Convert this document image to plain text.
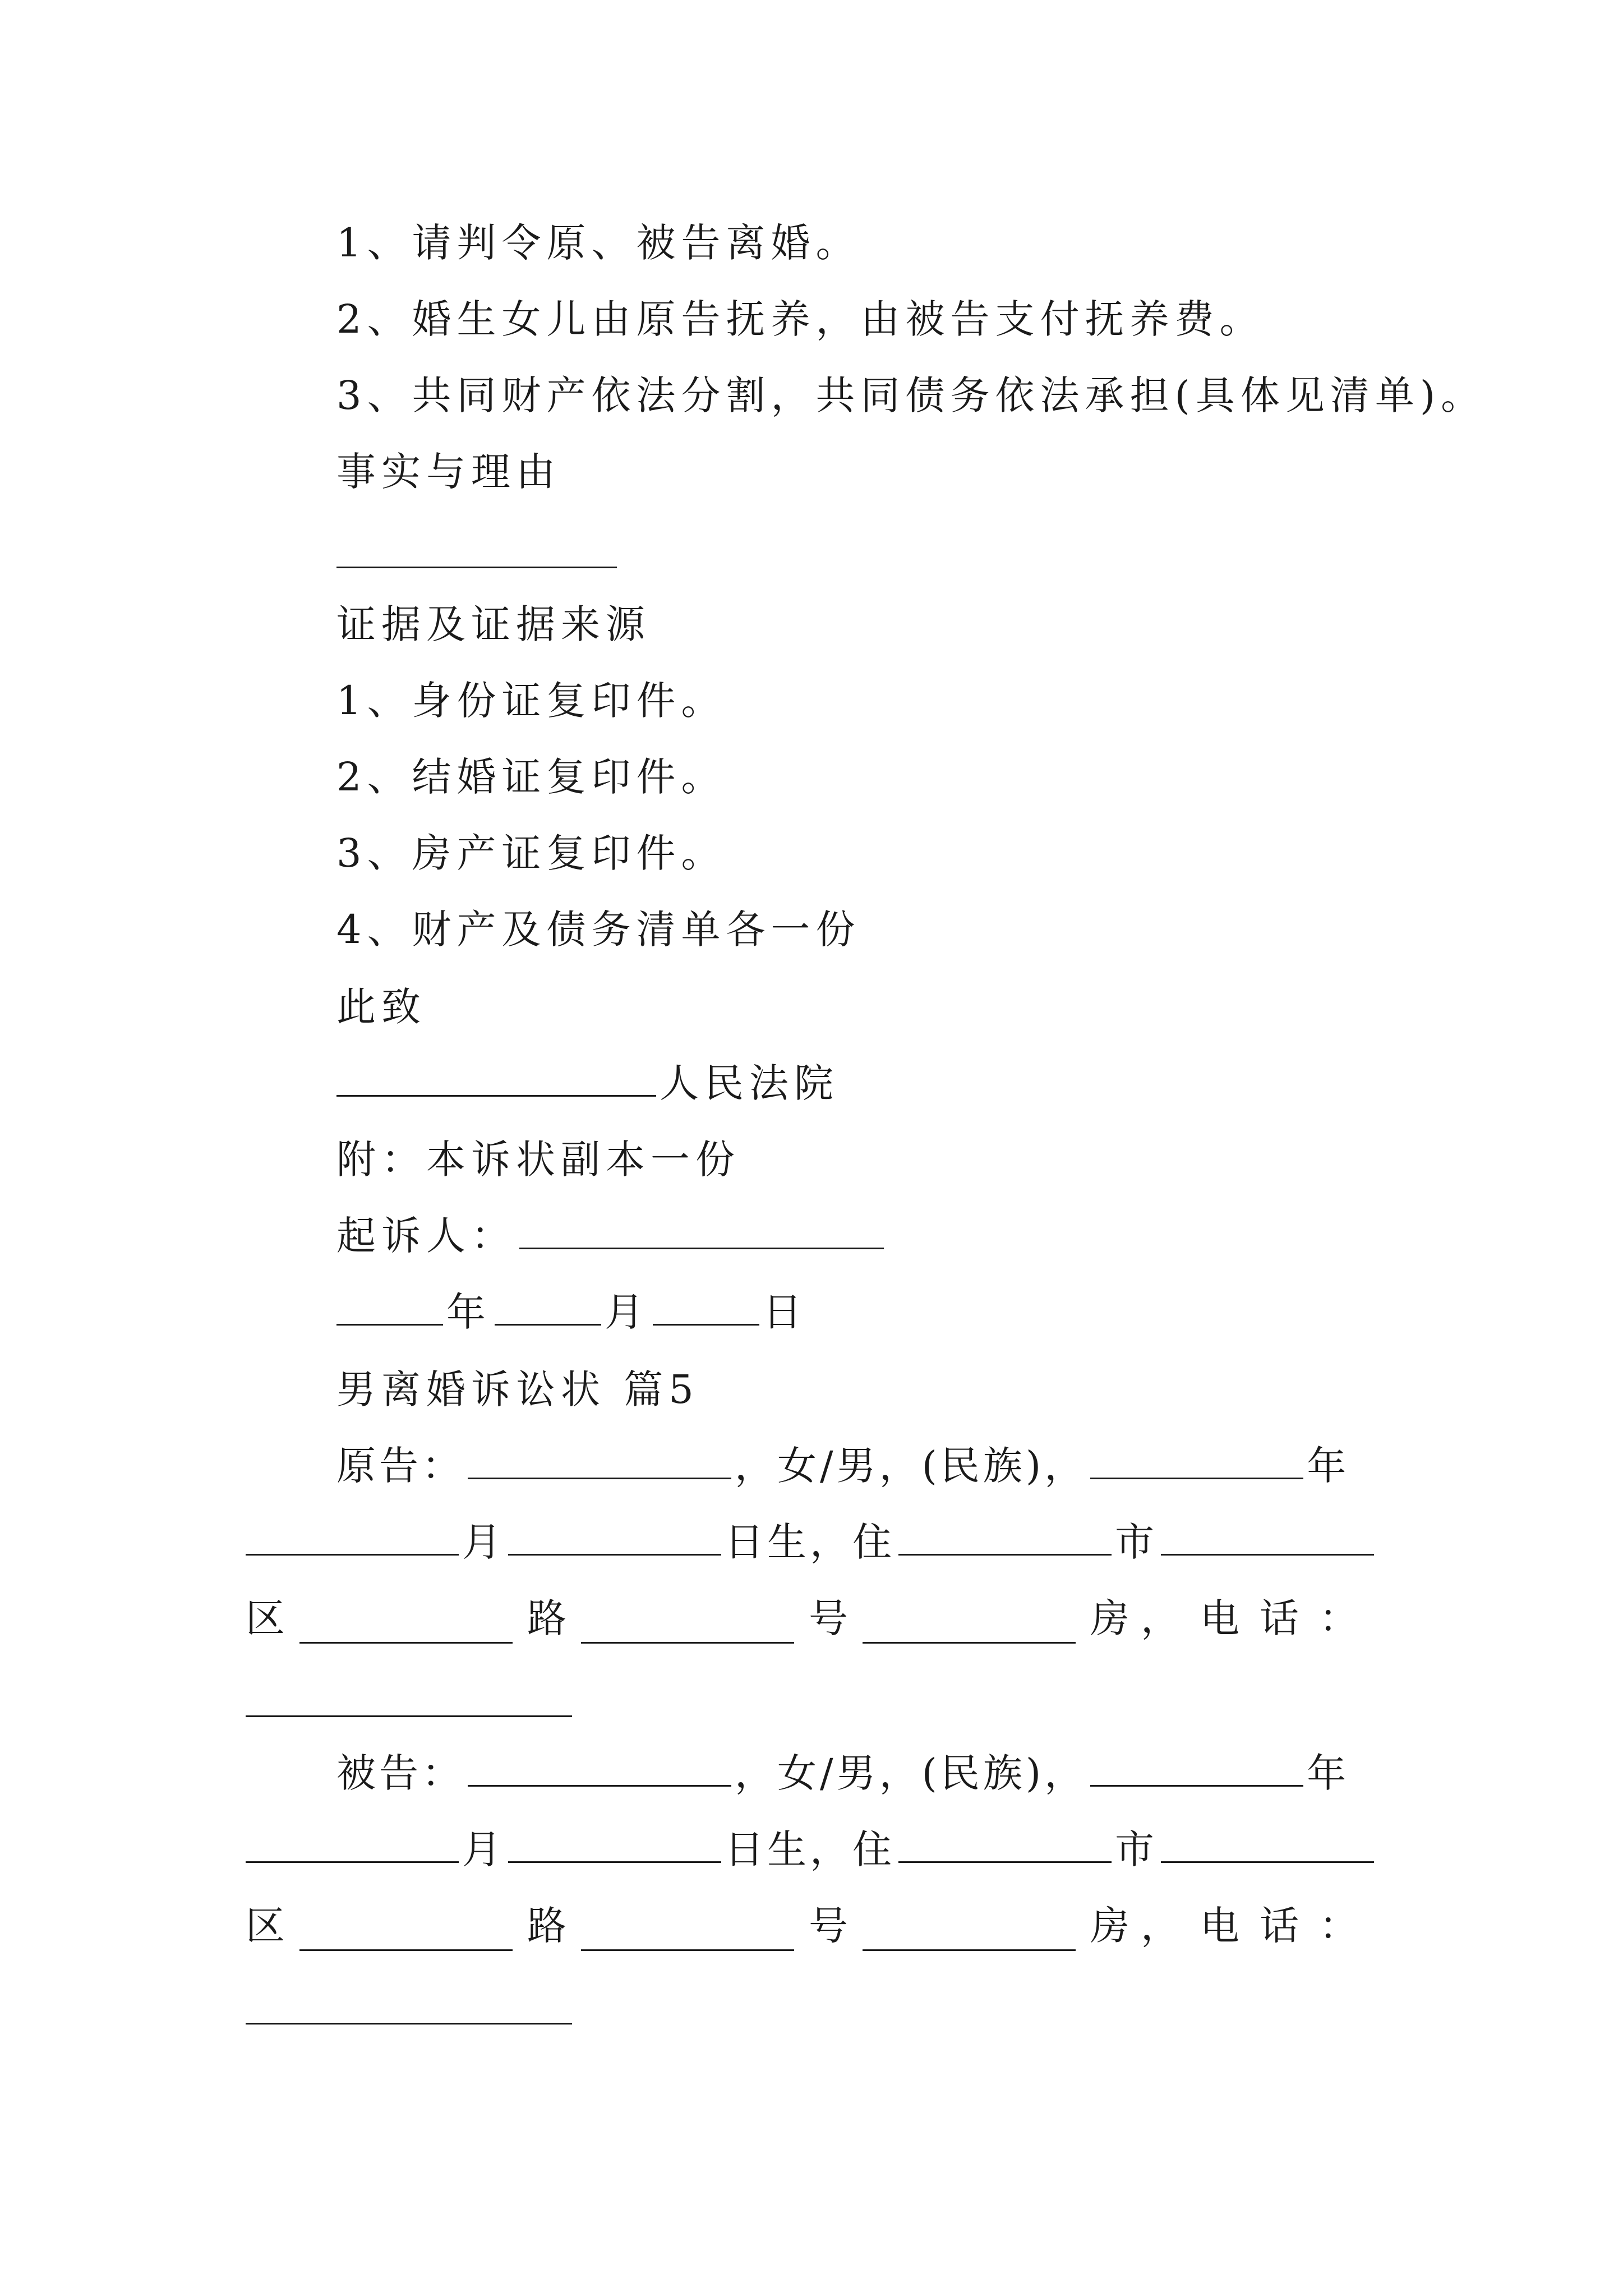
1、请判令原、被告离婚。
2、婚生女儿由原告抚养，由被告支付抚养费。
3、共同财产依法分割，共同债务依法承担(具体见清单)。
事实与理由
证据及证据来源
1、身份证复印件。
2、结婚证复印件。
3、房产证复印件。
4、财产及债务清单各一份
此致
人民法院
附：本诉状副本一份
起诉人：
年	月	日
男离婚诉讼状 篇5
原告：	，女/男，(民族)，	年
月	日生，住	市
区	路	号	房 ，电话：
被告：	，女/男，(民族)，	年
月	日生，住	市
区	路	号	房 ，电话：
